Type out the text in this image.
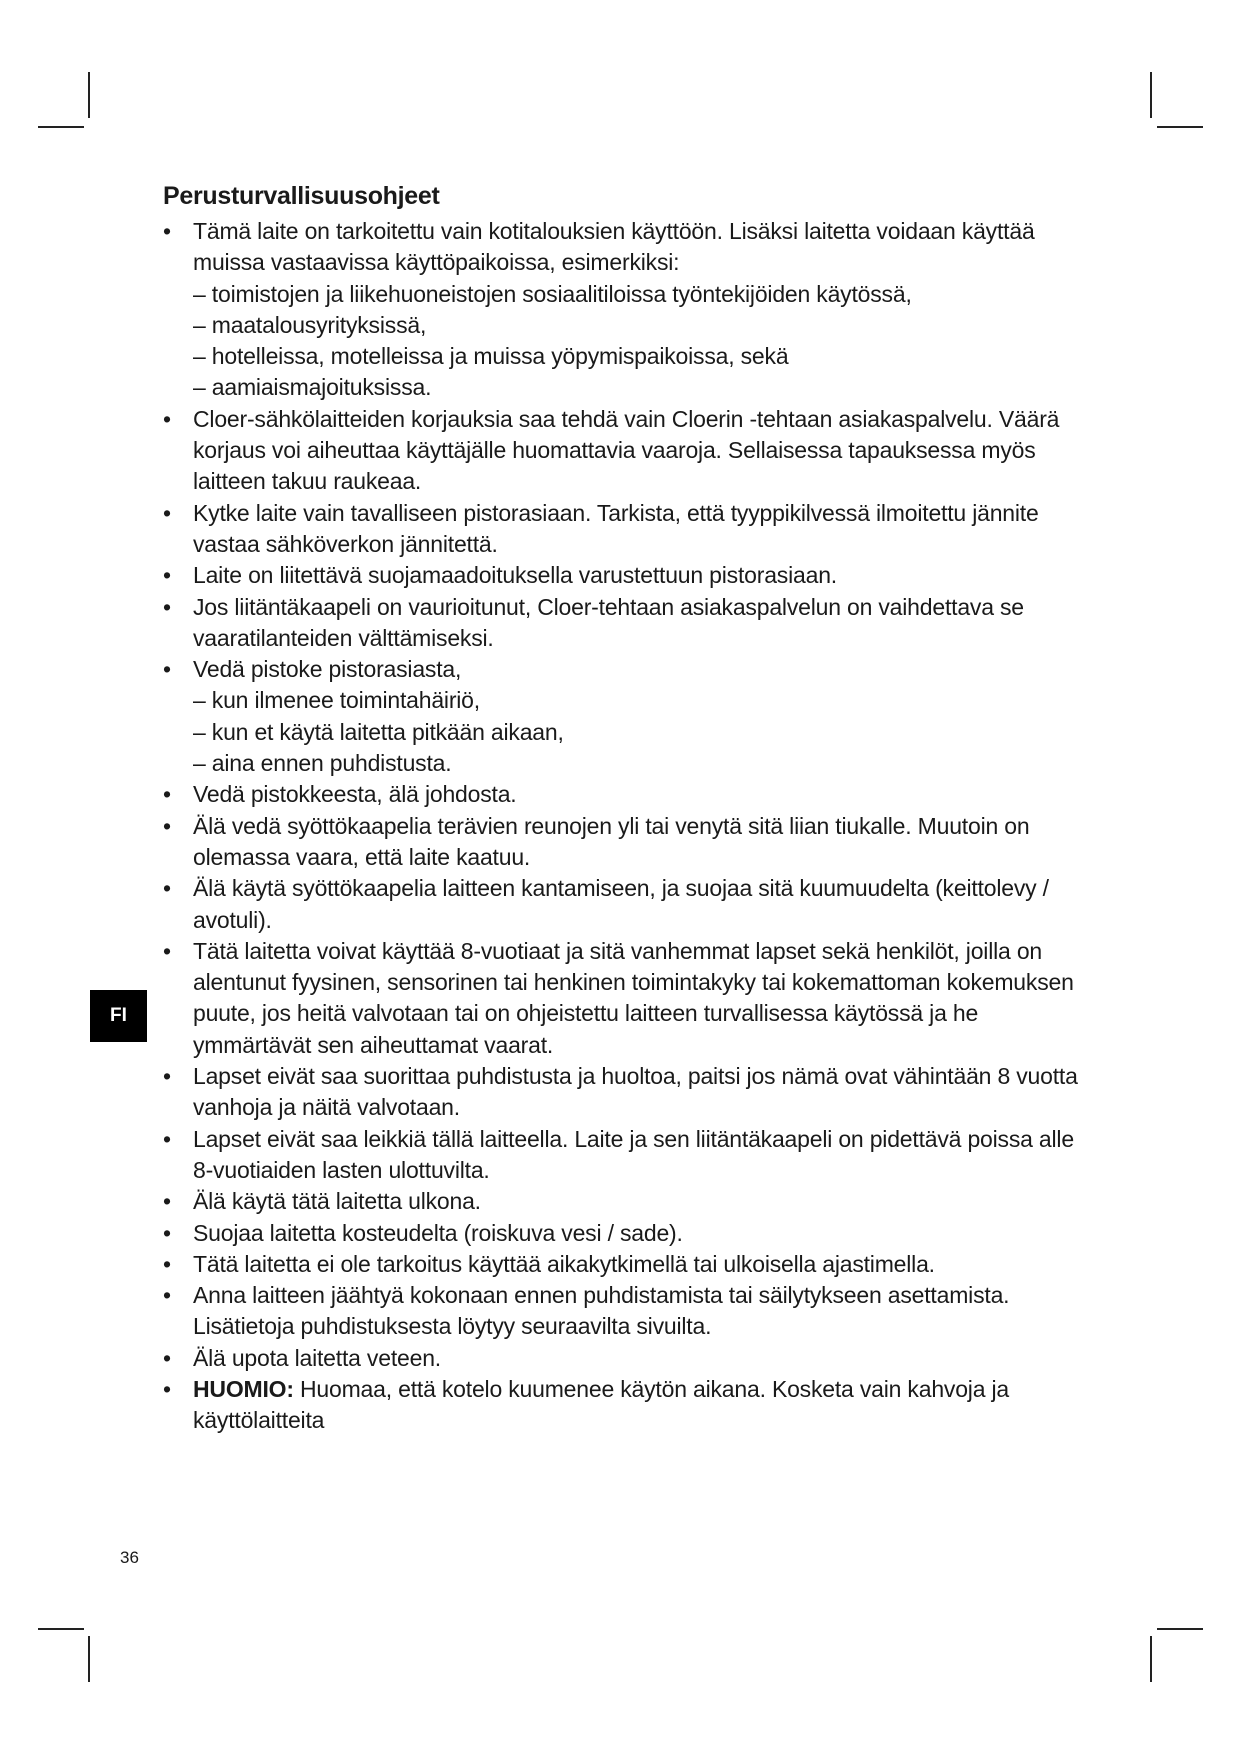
Perusturvallisuusohjeet
• Tämä laite on tarkoitettu vain kotitalouksien käyttöön. Lisäksi laitetta voidaan käyttää muissa vastaavissa käyttöpaikoissa, esimerkiksi:
– toimistojen ja liikehuoneistojen sosiaalitiloissa työntekijöiden käytössä,
– maatalousyrityksissä,
– hotelleissa, motelleissa ja muissa yöpymispaikoissa, sekä
– aamiaismajoituksissa.
• Cloer-sähkölaitteiden korjauksia saa tehdä vain Cloerin -tehtaan asiakaspalvelu. Väärä korjaus voi aiheuttaa käyttäjälle huomattavia vaaroja. Sellaisessa tapauksessa myös laitteen takuu raukeaa.
• Kytke laite vain tavalliseen pistorasiaan. Tarkista, että tyyppikilvessä ilmoitettu jännite vastaa sähköverkon jännitettä.
• Laite on liitettävä suojamaadoituksella varustettuun pistorasiaan.
• Jos liitäntäkaapeli on vaurioitunut, Cloer-tehtaan asiakaspalvelun on vaihdettava se vaaratilanteiden välttämiseksi.
• Vedä pistoke pistorasiasta,
– kun ilmenee toimintahäiriö,
– kun et käytä laitetta pitkään aikaan,
– aina ennen puhdistusta.
• Vedä pistokkeesta, älä johdosta.
• Älä vedä syöttökaapelia terävien reunojen yli tai venytä sitä liian tiukalle. Muutoin on olemassa vaara, että laite kaatuu.
• Älä käytä syöttökaapelia laitteen kantamiseen, ja suojaa sitä kuumuudelta (keittolevy / avotuli).
• Tätä laitetta voivat käyttää 8-vuotiaat ja sitä vanhemmat lapset sekä henkilöt, joilla on alentunut fyysinen, sensorinen tai henkinen toimintakyky tai kokemattoman kokemuksen puute, jos heitä valvotaan tai on ohjeistettu laitteen turvallisessa käytössä ja he ymmärtävät sen aiheuttamat vaarat.
• Lapset eivät saa suorittaa puhdistusta ja huoltoa, paitsi jos nämä ovat vähintään 8 vuotta vanhoja ja näitä valvotaan.
• Lapset eivät saa leikkiä tällä laitteella. Laite ja sen liitäntäkaapeli on pidettävä poissa alle 8-vuotiaiden lasten ulottuvilta.
• Älä käytä tätä laitetta ulkona.
• Suojaa laitetta kosteudelta (roiskuva vesi / sade).
• Tätä laitetta ei ole tarkoitus käyttää aikakytkimellä tai ulkoisella ajastimella.
• Anna laitteen jäähtyä kokonaan ennen puhdistamista tai säilytykseen asettamista. Lisätietoja puhdistuksesta löytyy seuraavilta sivuilta.
• Älä upota laitetta veteen.
• HUOMIO: Huomaa, että kotelo kuumenee käytön aikana. Kosketa vain kahvoja ja käyttölaitteita
FI
36
